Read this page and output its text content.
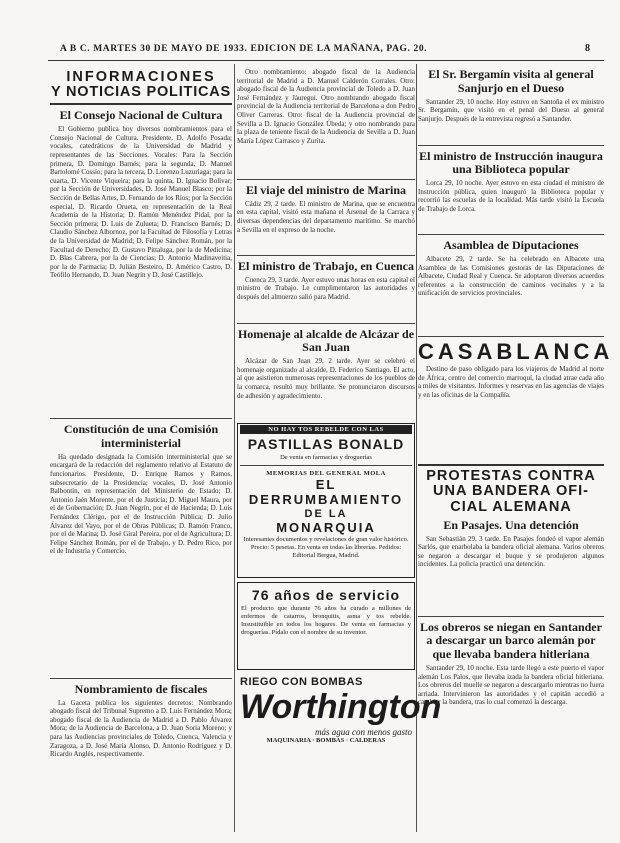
A B C. MARTES 30 DE MAYO DE 1933. EDICION DE LA MAÑANA, PAG. 20.	8
INFORMACIONES
Y NOTICIAS POLITICAS
El Consejo Nacional de Cultura
El Gobierno publica hoy diversos nombramientos para el Consejo Nacional de Cultura. Presidente, D. Adolfo Posada; vocales, catedráticos de la Universidad de Madrid y representantes de las Secciones. Vocales: Para la Sección primera, D. Domingo Barnés; para la segunda, D. Manuel Bartolomé Cossío; para la tercera, D. Lorenzo Luzuriaga; para la cuarta, D. Vicente Viqueira; para la quinta, D. Ignacio Bolívar; por la Sección de Universidades, D. José Manuel Blasco; por la Sección de Bellas Artes, D. Fernando de los Ríos; por la Sección especial, D. Ricardo Orueta, en representación de la Real Academia de la Historia; D. Ramón Menéndez Pidal, por la Sección primera; D. Luis de Zulueta; D. Francisco Barnés; D. Claudio Sánchez Albornoz, por la Facultad de Filosofía y Letras de la Universidad de Madrid; D. Felipe Sánchez Román, por la Facultad de Derecho; D. Gustavo Pittaluga, por la de Medicina; D. Blas Cabrera, por la de Ciencias; D. Antonio Madinaveitia, por la de Farmacia; D. Julián Besteiro, D. Américo Castro, D. Teófilo Hernando, D. Juan Negrín y D. José Castillejo.
Constitución de una Comisión interministerial
Ha quedado designada la Comisión interministerial que se encargará de la redacción del reglamento relativo al Estatuto de funcionarios. Presidente, D. Enrique Ramos y Ramos, subsecretario de la Presidencia; vocales, D. José Antonio Balbontín, en representación del Ministerio de Estado; D. Antonio Jaén Morente, por el de Justicia; D. Miguel Maura, por el de Gobernación; D. Juan Negrín, por el de Hacienda; D. Luis Fernández Clérigo, por el de Instrucción Pública; D. Julio Álvarez del Vayo, por el de Obras Públicas; D. Ramón Franco, por el de Marina; D. José Giral Pereira, por el de Agricultura; D. Felipe Sánchez Román, por el de Trabajo, y D. Pedro Rico, por el de Industria y Comercio.
Nombramiento de fiscales
La Gaceta publica los siguientes decretos: Nombrando abogado fiscal del Tribunal Supremo a D. Luis Fernández Mora; abogado fiscal de la Audiencia de Madrid a D. Pablo Álvarez Mora; de la Audiencia de Barcelona, a D. Juan Soria Moreno; y para las Audiencias provinciales de Toledo, Cuenca, Valencia y Zaragoza, a D. José María Alonso, D. Antonio Rodríguez y D. Ricardo Anglés, respectivamente.
Otro nombramiento: abogado fiscal de la Audiencia territorial de Madrid a D. Manuel Calderón Corrales. Otro: abogado fiscal de la Audiencia provincial de Toledo a D. Juan José Fernández y Jáuregui. Otro nombrando abogado fiscal provincial de la Audiencia territorial de Barcelona a don Pedro Oliver Carreras. Otro: fiscal de la Audiencia provincial de Sevilla a D. Ignacio González Úbeda; y otro nombrando para la plaza de teniente fiscal de la Audiencia de Sevilla a D. Juan María López Carrasco y Zurita.
El viaje del ministro de Marina
Cádiz 29, 2 tarde. El ministro de Marina, que se encuentra en esta capital, visitó esta mañana el Arsenal de la Carraca y diversas dependencias del departamento marítimo. Se marchó a Sevilla en el expreso de la noche.
El ministro de Trabajo, en Cuenca
Cuenca 29, 3 tarde. Ayer estuvo unas horas en esta capital el ministro de Trabajo. Le cumplimentaron las autoridades y después del almuerzo salió para Madrid.
Homenaje al alcalde de Alcázar de San Juan
Alcázar de San Juan 29, 2 tarde. Ayer se celebró el homenaje organizado al alcalde, D. Federico Santiago. El acto, al que asistieron numerosas representaciones de los pueblos de la comarca, resultó muy brillante. Se pronunciaron discursos de adhesión y agradecimiento.
NO HAY TOS REBELDE CON LAS
PASTILLAS BONALD
De venta en farmacias y droguerías
MEMORIAS DEL GENERAL MOLA
EL DERRUMBAMIENTO
DE LA
MONARQUIA
Interesantes documentos y revelaciones de gran valor histórico. Precio: 5 pesetas. En venta en todas las librerías. Pedidos: Editorial Bergua, Madrid.
76 años de servicio
El producto que durante 76 años ha curado a millones de enfermos de catarros, bronquitis, asma y tos rebelde. Insustituible en todos los hogares. De venta en farmacias y droguerías. Pídalo con el nombre de su inventor.
RIEGO CON BOMBAS
Worthington
más agua con menos gasto
MAQUINARIA · BOMBAS · CALDERAS
El Sr. Bergamín visita al general Sanjurjo en el Dueso
Santander 29, 10 noche. Hoy estuvo en Santoña el ex ministro Sr. Bergamín, que visitó en el penal del Dueso al general Sanjurjo. Después de la entrevista regresó a Santander.
El ministro de Instrucción inaugura una Biblioteca popular
Lorca 29, 10 noche. Ayer estuvo en esta ciudad el ministro de Instrucción pública, quien inauguró la Biblioteca popular y recorrió las escuelas de la localidad. Más tarde visitó la Escuela de Trabajo de Lorca.
Asamblea de Diputaciones
Albacete 29, 2 tarde. Se ha celebrado en Albacete una Asamblea de las Comisiones gestoras de las Diputaciones de Albacete, Ciudad Real y Cuenca. Se adoptaron diversos acuerdos referentes a la construcción de caminos vecinales y a la unificación de servicios provinciales.
CASABLANCA
Destino de paso obligado para los viajeros de Madrid al norte de África, centro del comercio marroquí, la ciudad atrae cada año a miles de visitantes. Informes y reservas en las agencias de viajes y en las oficinas de la Compañía.
PROTESTAS CONTRA
UNA BANDERA OFI-
CIAL ALEMANA
En Pasajes. Una detención
San Sebastián 29, 3 tarde. En Pasajes fondeó el vapor alemán Sarlós, que enarbolaba la bandera oficial alemana. Varios obreros se negaron a descargar el buque y se produjeron algunos incidentes. La policía practicó una detención.
Los obreros se niegan en Santander a descargar un barco alemán por que llevaba bandera hitleriana
Santander 29, 10 noche. Esta tarde llegó a este puerto el vapor alemán Los Palos, que llevaba izada la bandera oficial hitleriana. Los obreros del muelle se negaron a descargarlo mientras no fuera arriada. Intervinieron las autoridades y el capitán accedió a cambiar la bandera, tras lo cual comenzó la descarga.
